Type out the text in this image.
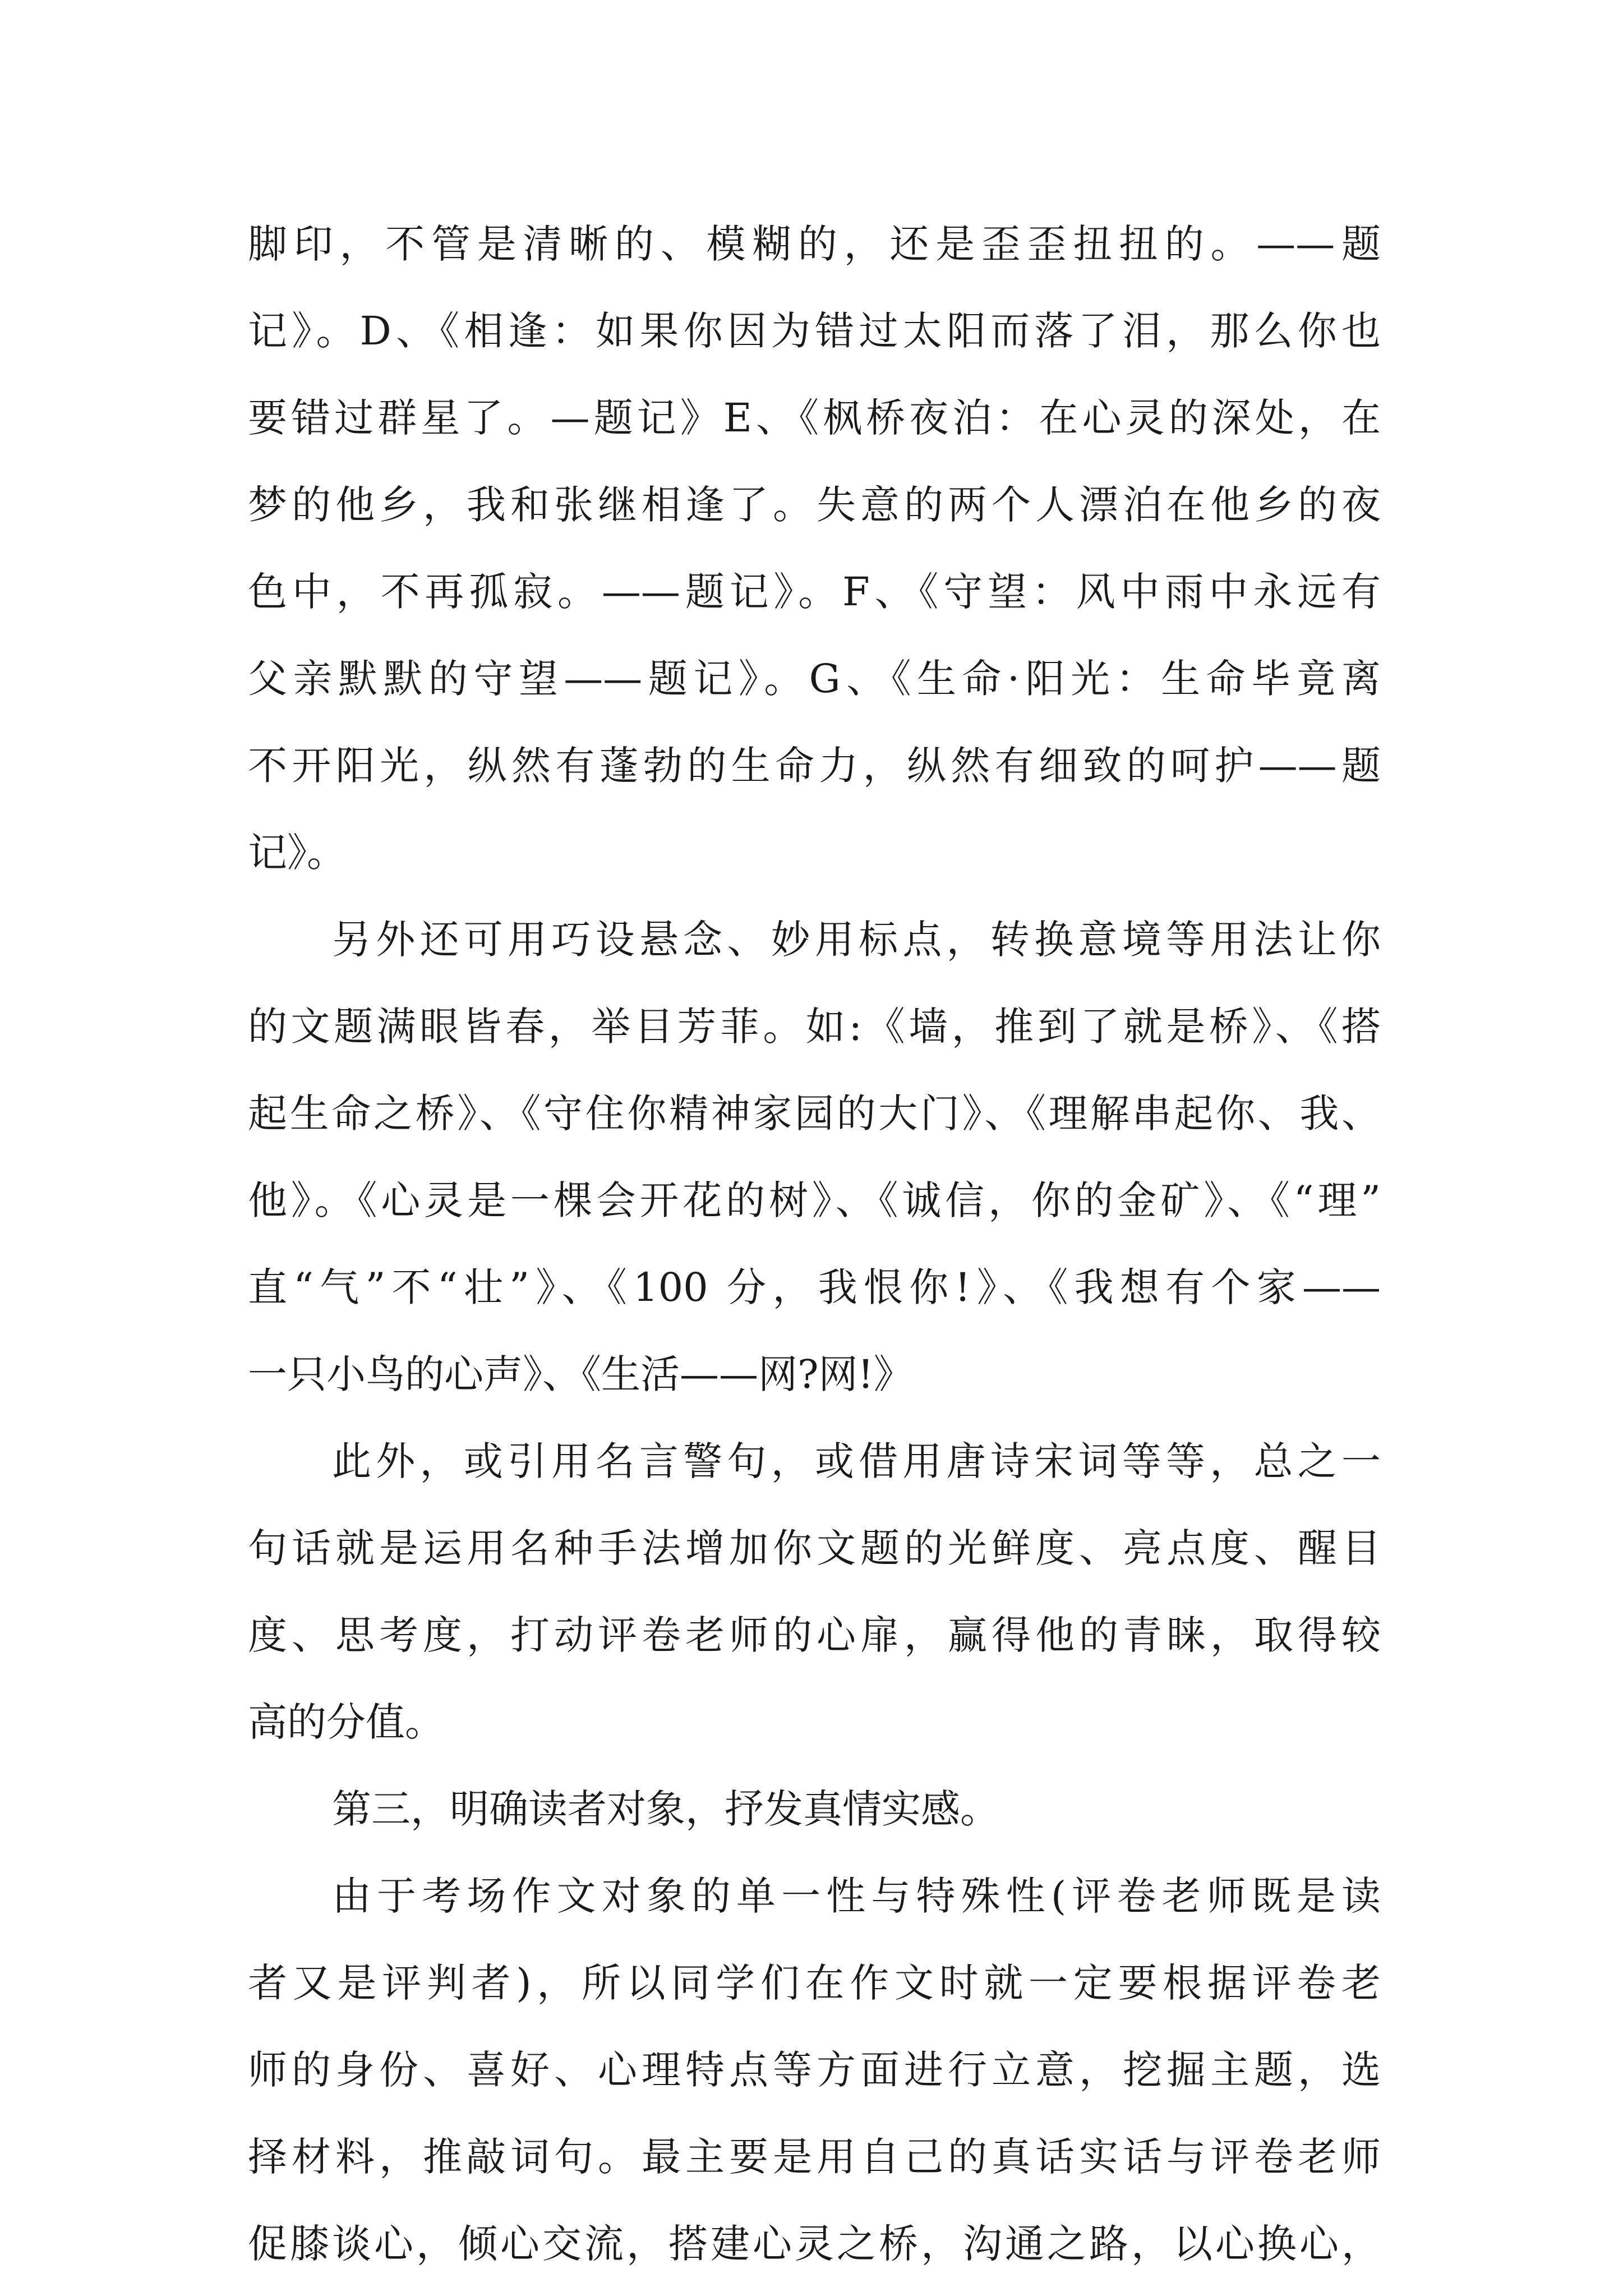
脚印，不管是清晰的、模糊的，还是歪歪扭扭的。——题
记》。D、《相逢：如果你因为错过太阳而落了泪，那么你也
要错过群星了。—题记》E、《枫桥夜泊：在心灵的深处，在
梦的他乡，我和张继相逢了。失意的两个人漂泊在他乡的夜
色中，不再孤寂。——题记》。F、《守望：风中雨中永远有
父亲默默的守望——题记》。G、《生命·阳光：生命毕竟离
不开阳光，纵然有蓬勃的生命力，纵然有细致的呵护——题
记》。
另外还可用巧设悬念、妙用标点，转换意境等用法让你
的文题满眼皆春，举目芳菲。如:《墙，推到了就是桥》、《搭
起生命之桥》、《守住你精神家园的大门》、《理解串起你、我、
他》。《心灵是一棵会开花的树》、《诚信，你的金矿》、《“理”
直“气”不“壮”》、《100 分，我恨你!》、《我想有个家——
一只小鸟的心声》、《生活——网?网!》
此外，或引用名言警句，或借用唐诗宋词等等，总之一
句话就是运用名种手法增加你文题的光鲜度、亮点度、醒目
度、思考度，打动评卷老师的心扉，赢得他的青睐，取得较
高的分值。
第三，明确读者对象，抒发真情实感。
由于考场作文对象的单一性与特殊性(评卷老师既是读
者又是评判者)，所以同学们在作文时就一定要根据评卷老
师的身份、喜好、心理特点等方面进行立意，挖掘主题，选
择材料，推敲词句。最主要是用自己的真话实话与评卷老师
促膝谈心，倾心交流，搭建心灵之桥，沟通之路，以心换心，
